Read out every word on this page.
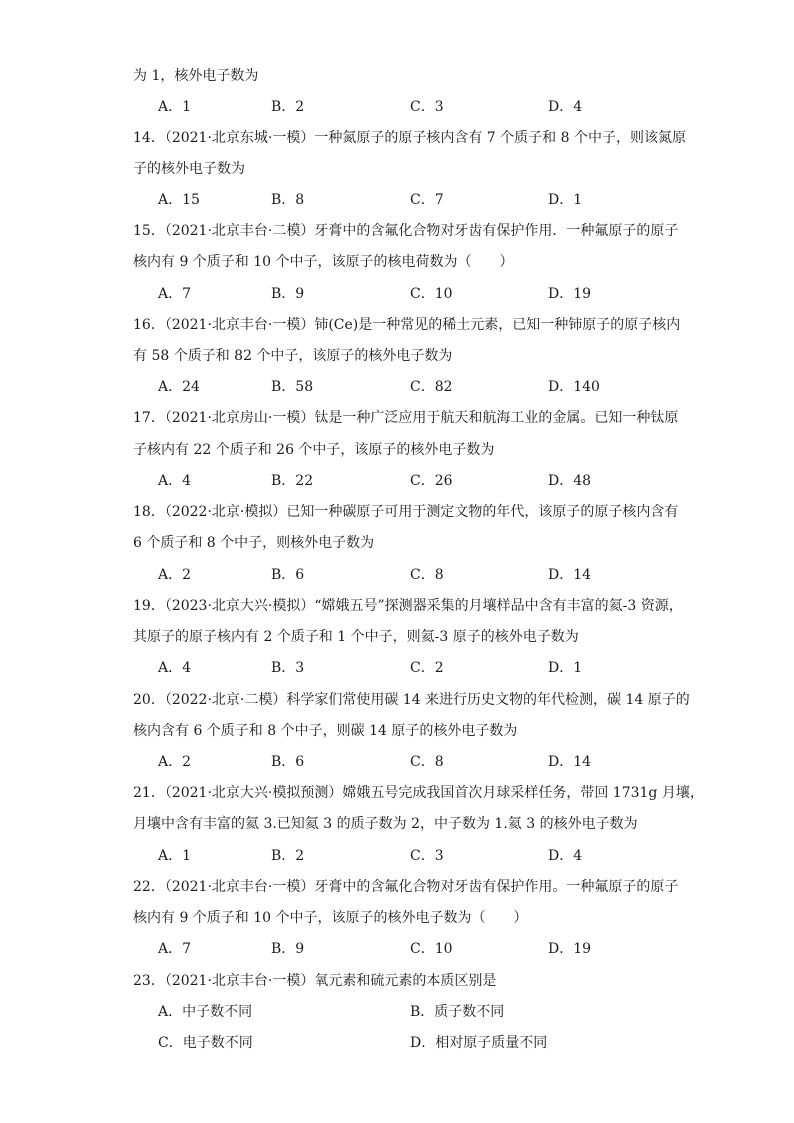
为 1，核外电子数为
A．1	B．2	C．3	D．4
14．（2021·北京东城·一模）一种氮原子的原子核内含有 7 个质子和 8 个中子，则该氮原
子的核外电子数为
A．15	B．8	C．7	D．1
15．（2021·北京丰台·二模）牙膏中的含氟化合物对牙齿有保护作用．一种氟原子的原子
核内有 9 个质子和 10 个中子，该原子的核电荷数为（　　）
A．7	B．9	C．10	D．19
16．（2021·北京丰台·一模）铈(Ce)是一种常见的稀土元素，已知一种铈原子的原子核内
有 58 个质子和 82 个中子，该原子的核外电子数为
A．24	B．58	C．82	D．140
17．（2021·北京房山·一模）钛是一种广泛应用于航天和航海工业的金属。已知一种钛原
子核内有 22 个质子和 26 个中子，该原子的核外电子数为
A．4	B．22	C．26	D．48
18．（2022·北京·模拟）已知一种碳原子可用于测定文物的年代，该原子的原子核内含有
6 个质子和 8 个中子，则核外电子数为
A．2	B．6	C．8	D．14
19．（2023·北京大兴·模拟）“嫦娥五号”探测器采集的月壤样品中含有丰富的氦-3 资源，
其原子的原子核内有 2 个质子和 1 个中子，则氦-3 原子的核外电子数为
A．4	B．3	C．2	D．1
20．（2022·北京·二模）科学家们常使用碳 14 来进行历史文物的年代检测，碳 14 原子的
核内含有 6 个质子和 8 个中子，则碳 14 原子的核外电子数为
A．2	B．6	C．8	D．14
21．（2021·北京大兴·模拟预测）嫦娥五号完成我国首次月球采样任务，带回 1731g 月壤，
月壤中含有丰富的氦 3.已知氦 3 的质子数为 2，中子数为 1.氦 3 的核外电子数为
A．1	B．2	C．3	D．4
22．（2021·北京丰台·一模）牙膏中的含氟化合物对牙齿有保护作用。一种氟原子的原子
核内有 9 个质子和 10 个中子，该原子的核外电子数为（　　）
A．7	B．9	C．10	D．19
23．（2021·北京丰台·一模）氧元素和硫元素的本质区别是
A．中子数不同	B．质子数不同
C．电子数不同	D．相对原子质量不同
